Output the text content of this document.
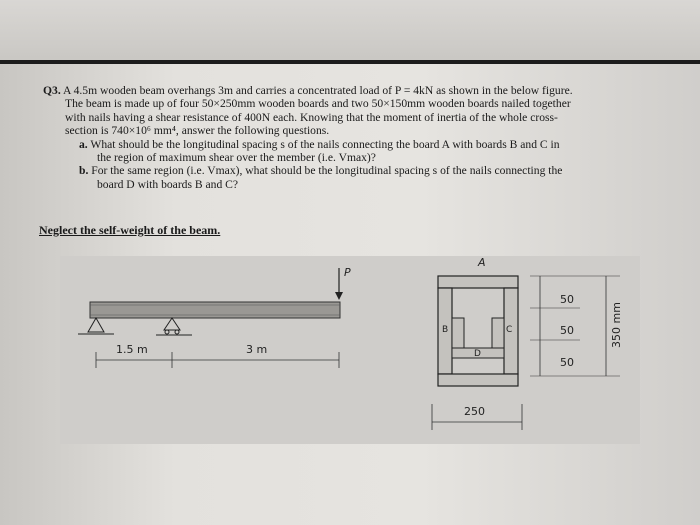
Q3. A 4.5m wooden beam overhangs 3m and carries a concentrated load of P = 4kN as shown in the below figure.
The beam is made up of four 50×250mm wooden boards and two 50×150mm wooden boards nailed together
with nails having a shear resistance of 400N each. Knowing that the moment of inertia of the whole cross-
section is 740×10⁶ mm⁴, answer the following questions.
a. What should be the longitudinal spacing s of the nails connecting the board A with boards B and C in
the region of maximum shear over the member (i.e. Vmax)?
b. For the same region (i.e. Vmax), what should be the longitudinal spacing s of the nails connecting the
board D with boards B and C?
Neglect the self-weight of the beam.
P
1.5 m	3 m
A
B	C
D
250
50
50
50
350 mm
